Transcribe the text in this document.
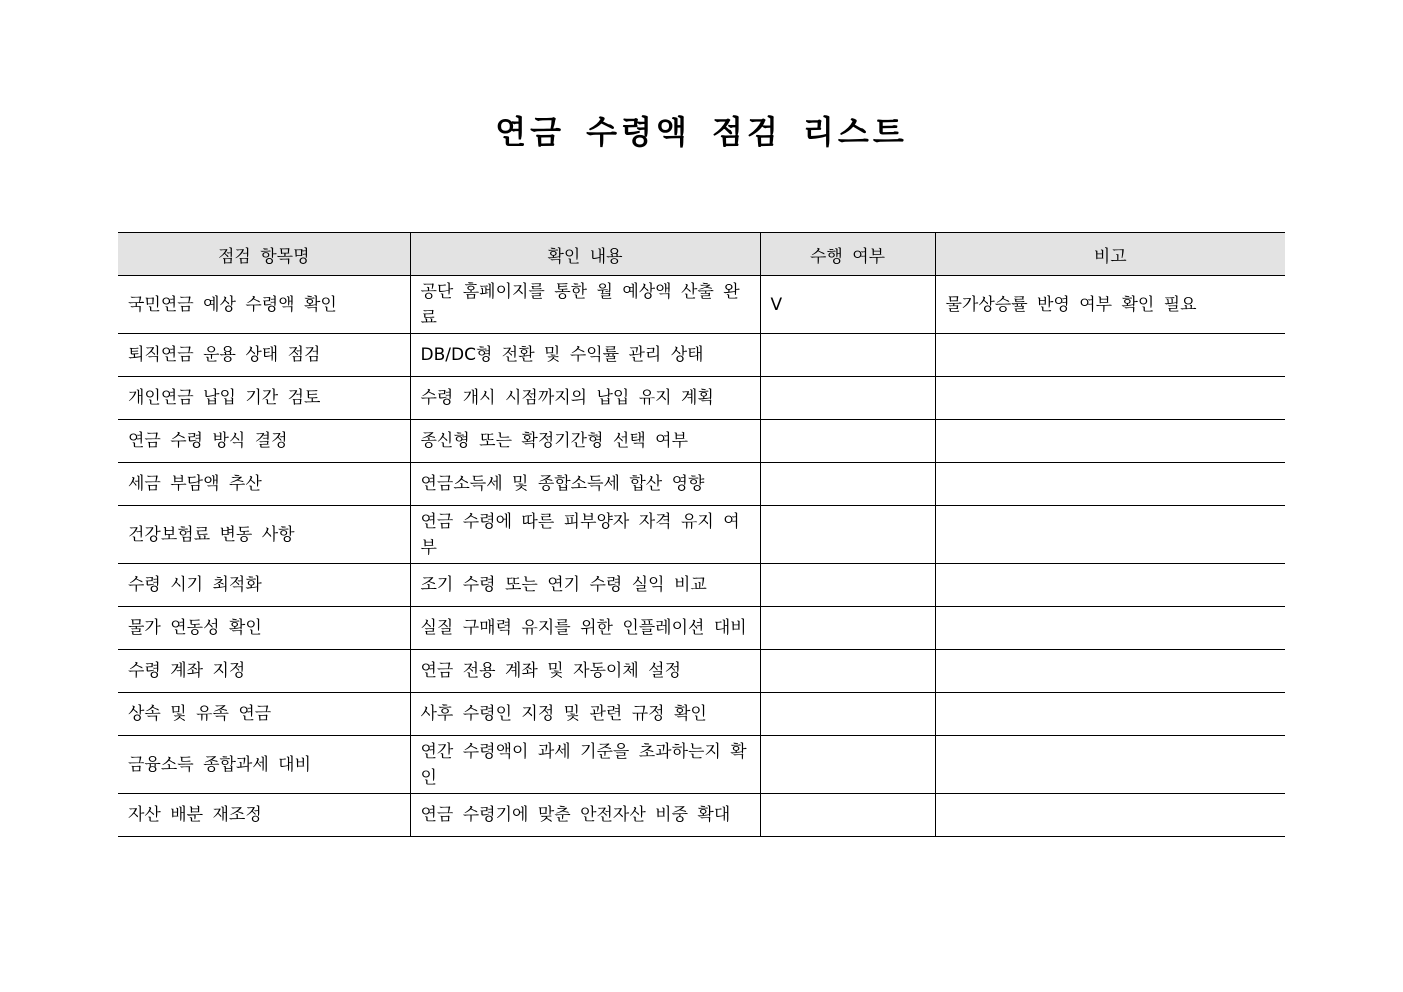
연금 수령액 점검 리스트
점검 항목명	확인 내용	수행 여부	비고
국민연금 예상 수령액 확인	공단 홈페이지를 통한 월 예상액 산출 완료	V	물가상승률 반영 여부 확인 필요
퇴직연금 운용 상태 점검	DB/DC형 전환 및 수익률 관리 상태		
개인연금 납입 기간 검토	수령 개시 시점까지의 납입 유지 계획		
연금 수령 방식 결정	종신형 또는 확정기간형 선택 여부		
세금 부담액 추산	연금소득세 및 종합소득세 합산 영향		
건강보험료 변동 사항	연금 수령에 따른 피부양자 자격 유지 여부		
수령 시기 최적화	조기 수령 또는 연기 수령 실익 비교		
물가 연동성 확인	실질 구매력 유지를 위한 인플레이션 대비		
수령 계좌 지정	연금 전용 계좌 및 자동이체 설정		
상속 및 유족 연금	사후 수령인 지정 및 관련 규정 확인		
금융소득 종합과세 대비	연간 수령액이 과세 기준을 초과하는지 확인		
자산 배분 재조정	연금 수령기에 맞춘 안전자산 비중 확대		
